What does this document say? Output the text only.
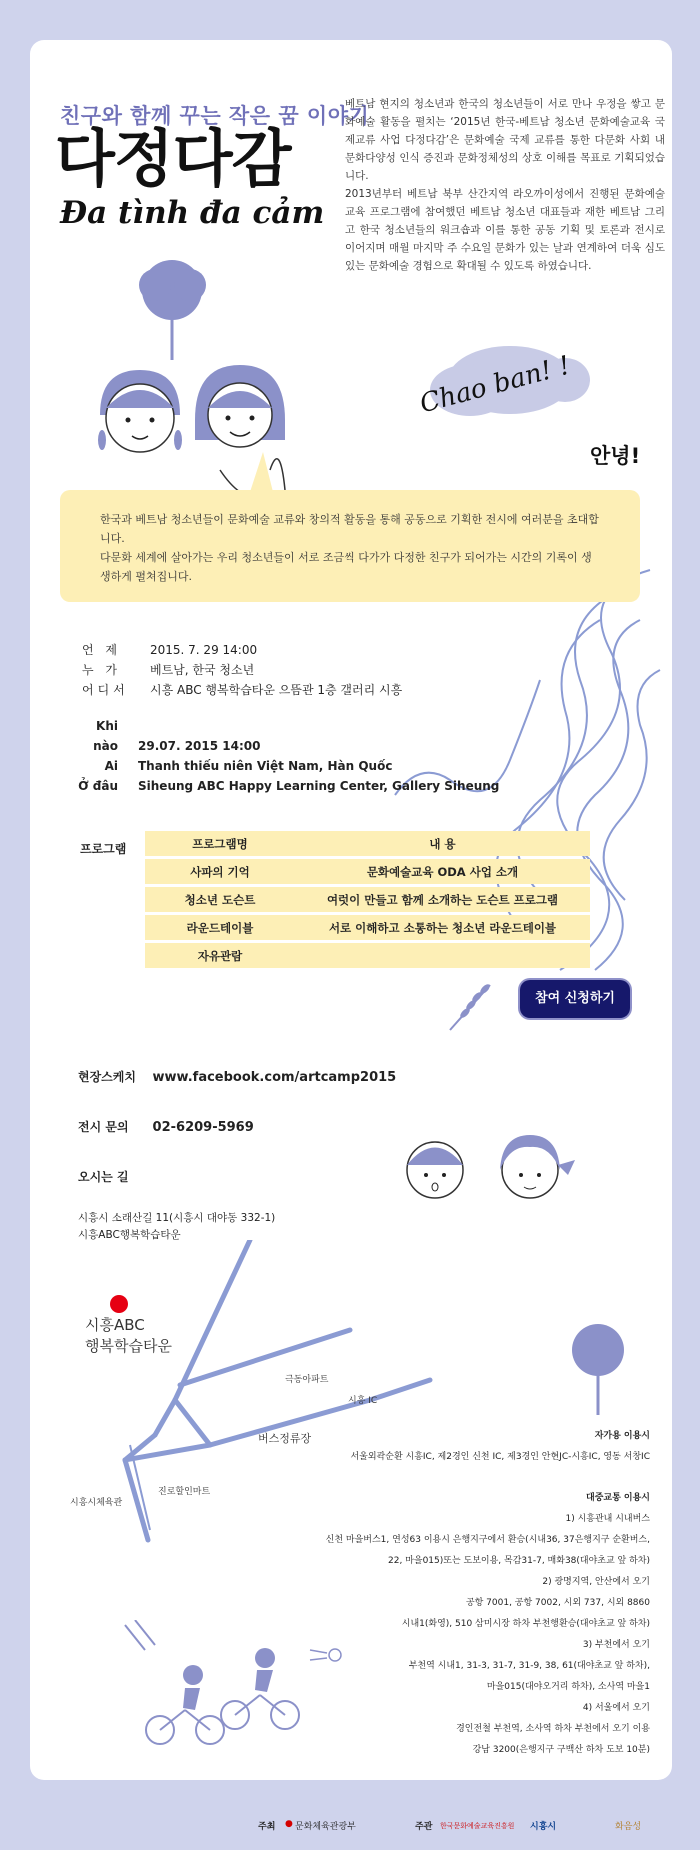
친구와 함께 꾸는 작은 꿈 이야기
다정다감
Đa tình đa cảm

베트남 현지의 청소년과 한국의 청소년들이 서로 만나 우정을 쌓고 문화예술 활동을 펼치는 ‘2015년 한국-베트남 청소년 문화예술교육 국제교류 사업 다정다감’은 문화예술 국제 교류를 통한 다문화 사회 내 문화다양성 인식 증진과 문화정체성의 상호 이해를 목표로 기획되었습니다.

2013년부터 베트남 북부 산간지역 라오까이성에서 진행된 문화예술교육 프로그램에 참여했던 베트남 청소년 대표들과 재한 베트남 그리고 한국 청소년들의 워크숍과 이를 통한 공동 기획 및 토론과 전시로 이어지며 매월 마지막 주 수요일 문화가 있는 날과 연계하여 더욱 심도있는 문화예술 경험으로 확대될 수 있도록 하였습니다.

Chao ban! !
안녕!

한국과 베트남 청소년들이 문화예술 교류와 창의적 활동을 통해 공동으로 기획한 전시에 여러분을 초대합니다.

다문화 세계에 살아가는 우리 청소년들이 서로 조금씩 다가가 다정한 친구가 되어가는 시간의 기록이 생생하게 펼쳐집니다.

언 제 2015. 7. 29 14:00
누 가 베트남, 한국 청소년
어디서 시흥 ABC 행복학습타운 으뜸관 1층 갤러리 시흥
Khi nào 29.07. 2015 14:00
Ai Thanh thiếu niên Việt Nam, Hàn Quốc
Ở đâu Siheung ABC Happy Learning Center, Gallery Siheung
프로그램	프로그램명	내 용
사파의 기억	문화예술교육 ODA 사업 소개
청소년 도슨트	여럿이 만들고 함께 소개하는 도슨트 프로그램
라운드테이블	서로 이해하고 소통하는 청소년 라운드테이블
자유관람	
참여 신청하기
현장스케치 www.facebook.com/artcamp2015
전시 문의 02-6209-5969
오시는 길
시흥시 소래산길 11(시흥시 대야동 332-1)
시흥ABC행복학습타운
시흥ABC
행복학습타운
극동아파트
시흥 IC
버스정류장
진로할인마트
시흥시체육관
자가용 이용시
서울외곽순환 시흥IC, 제2경인 신천 IC, 제3경인 안현JC-시흥IC, 영동 서창IC
대중교통 이용시
1) 시흥관내 시내버스
신천 마을버스1, 연성63 이용시 은행지구에서 환승(시내36, 37은행지구 순환버스,
22, 마을015)또는 도보이용, 목감31-7, 매화38(대야초교 앞 하차)
2) 광명지역, 안산에서 오기
공항 7001, 공항 7002, 시외 737, 시외 8860
시내1(화영), 510 삼미시장 하차 부천행환승(대야초교 앞 하차)
3) 부천에서 오기
부천역 시내1, 31-3, 31-7, 31-9, 38, 61(대야초교 앞 하차),
마을015(대야오거리 하차), 소사역 마을1
4) 서울에서 오기
경인전철 부천역, 소사역 하차 부천에서 오기 이용
강남 3200(은행지구 구백산 하차 도보 10분)
주최 ● 문화체육관광부	주관 한국문화예술교육진흥원 시흥시	화음성
